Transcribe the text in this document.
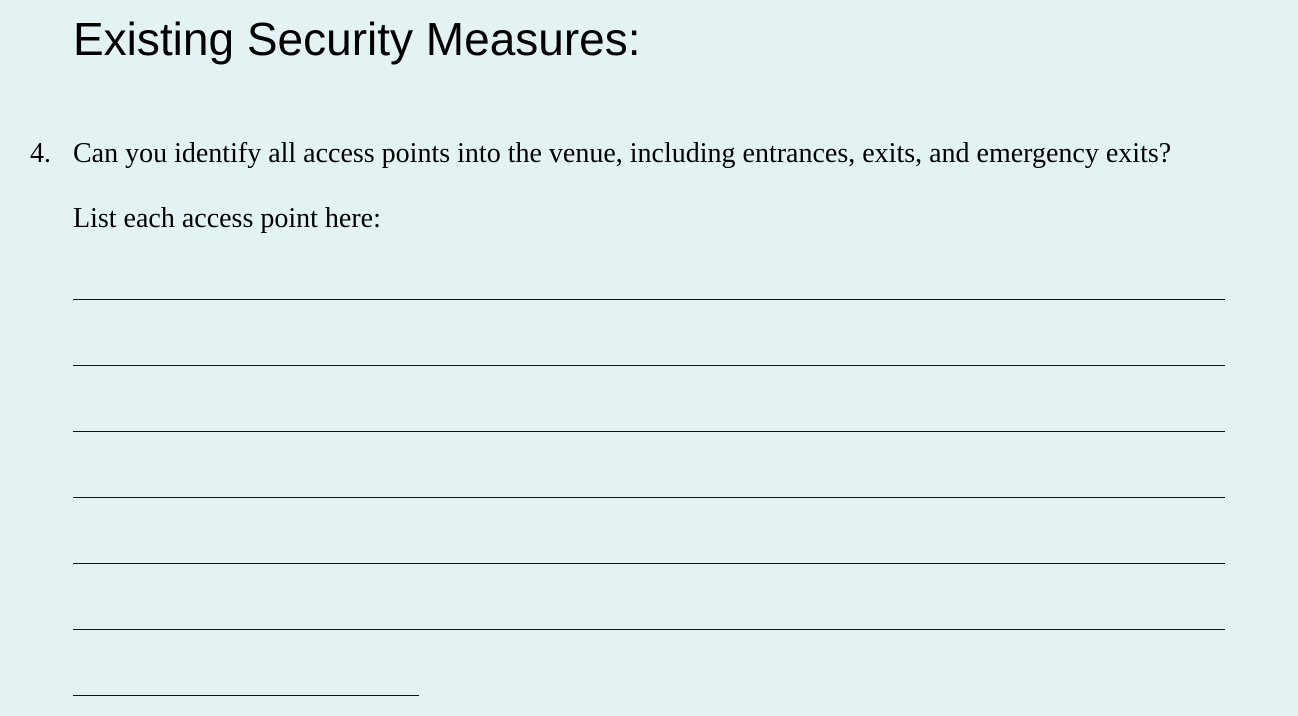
Existing Security Measures:
4. Can you identify all access points into the venue, including entrances, exits, and emergency exits?
List each access point here:
